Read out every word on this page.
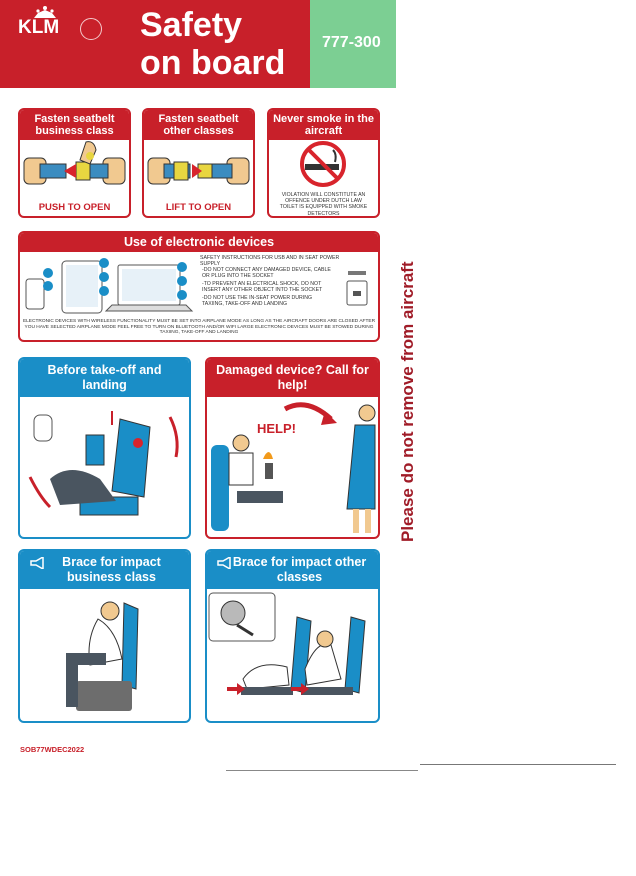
KLM Safety
on board
777-300
Fasten seatbelt business class
PUSH TO OPEN
Fasten seatbelt other classes
LIFT TO OPEN
Never smoke in the aircraft
VIOLATION WILL CONSTITUTE AN OFFENCE UNDER DUTCH LAW TOILET IS EQUIPPED WITH SMOKE DETECTORS
Use of electronic devices
SAFETY INSTRUCTIONS FOR USB AND IN SEAT POWER SUPPLY
-DO NOT CONNECT ANY DAMAGED DEVICE, CABLE OR PLUG INTO THE SOCKET
-TO PREVENT AN ELECTRICAL SHOCK, DO NOT INSERT ANY OTHER OBJECT INTO THE SOCKET
-DO NOT USE THE IN-SEAT POWER DURING TAXIING, TAKE-OFF AND LANDING
ELECTRONIC DEVICES WITH WIRELESS FUNCTIONALITY MUST BE SET INTO AIRPLANE MODE AS LONG AS THE AIRCRAFT DOORS ARE CLOSED AFTER YOU HAVE SELECTED AIRPLANE MODE FEEL FREE TO TURN ON BLUETOOTH AND/OR WIFI LARGE ELECTRONIC DEVICES MUST BE STOWED DURING TAXIING, TAKE-OFF AND LANDING
Before take-off and landing
Damaged device? Call for help!
HELP!
Brace for impact business class
Brace for impact other classes
SOB77WDEC2022
Please do not remove from aircraft
